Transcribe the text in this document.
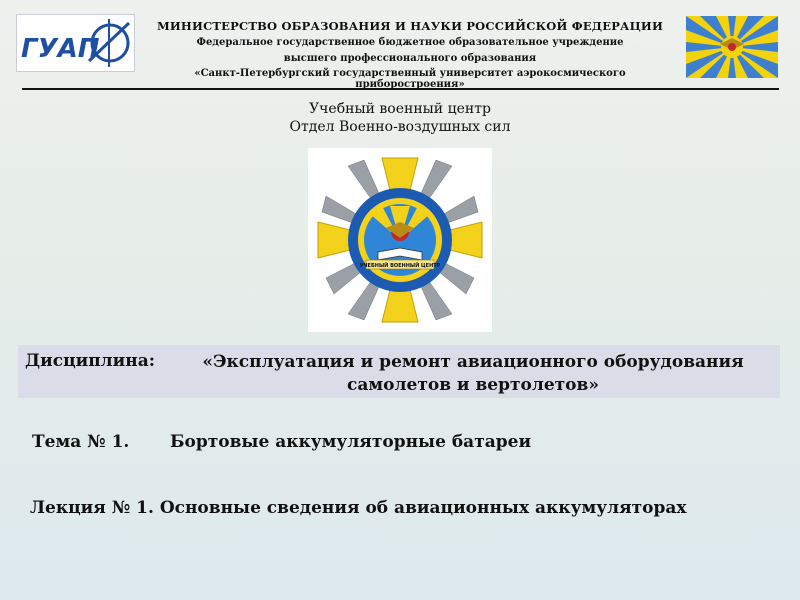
ГУАП
МИНИСТЕРСТВО ОБРАЗОВАНИЯ И НАУКИ РОССИЙСКОЙ ФЕДЕРАЦИИ
Федеральное государственное бюджетное образовательное учреждение
высшего профессионального образования
«Санкт-Петербургский государственный университет аэрокосмического приборостроения»
Учебный военный центр
Отдел Военно-воздушных сил
УЧЕБНЫЙ ВОЕННЫЙ ЦЕНТР
Дисциплина:	«Эксплуатация и ремонт авиационного оборудования
самолетов и вертолетов»
Тема № 1. Бортовые аккумуляторные батареи
Лекция № 1. Основные сведения об авиационных аккумуляторах
